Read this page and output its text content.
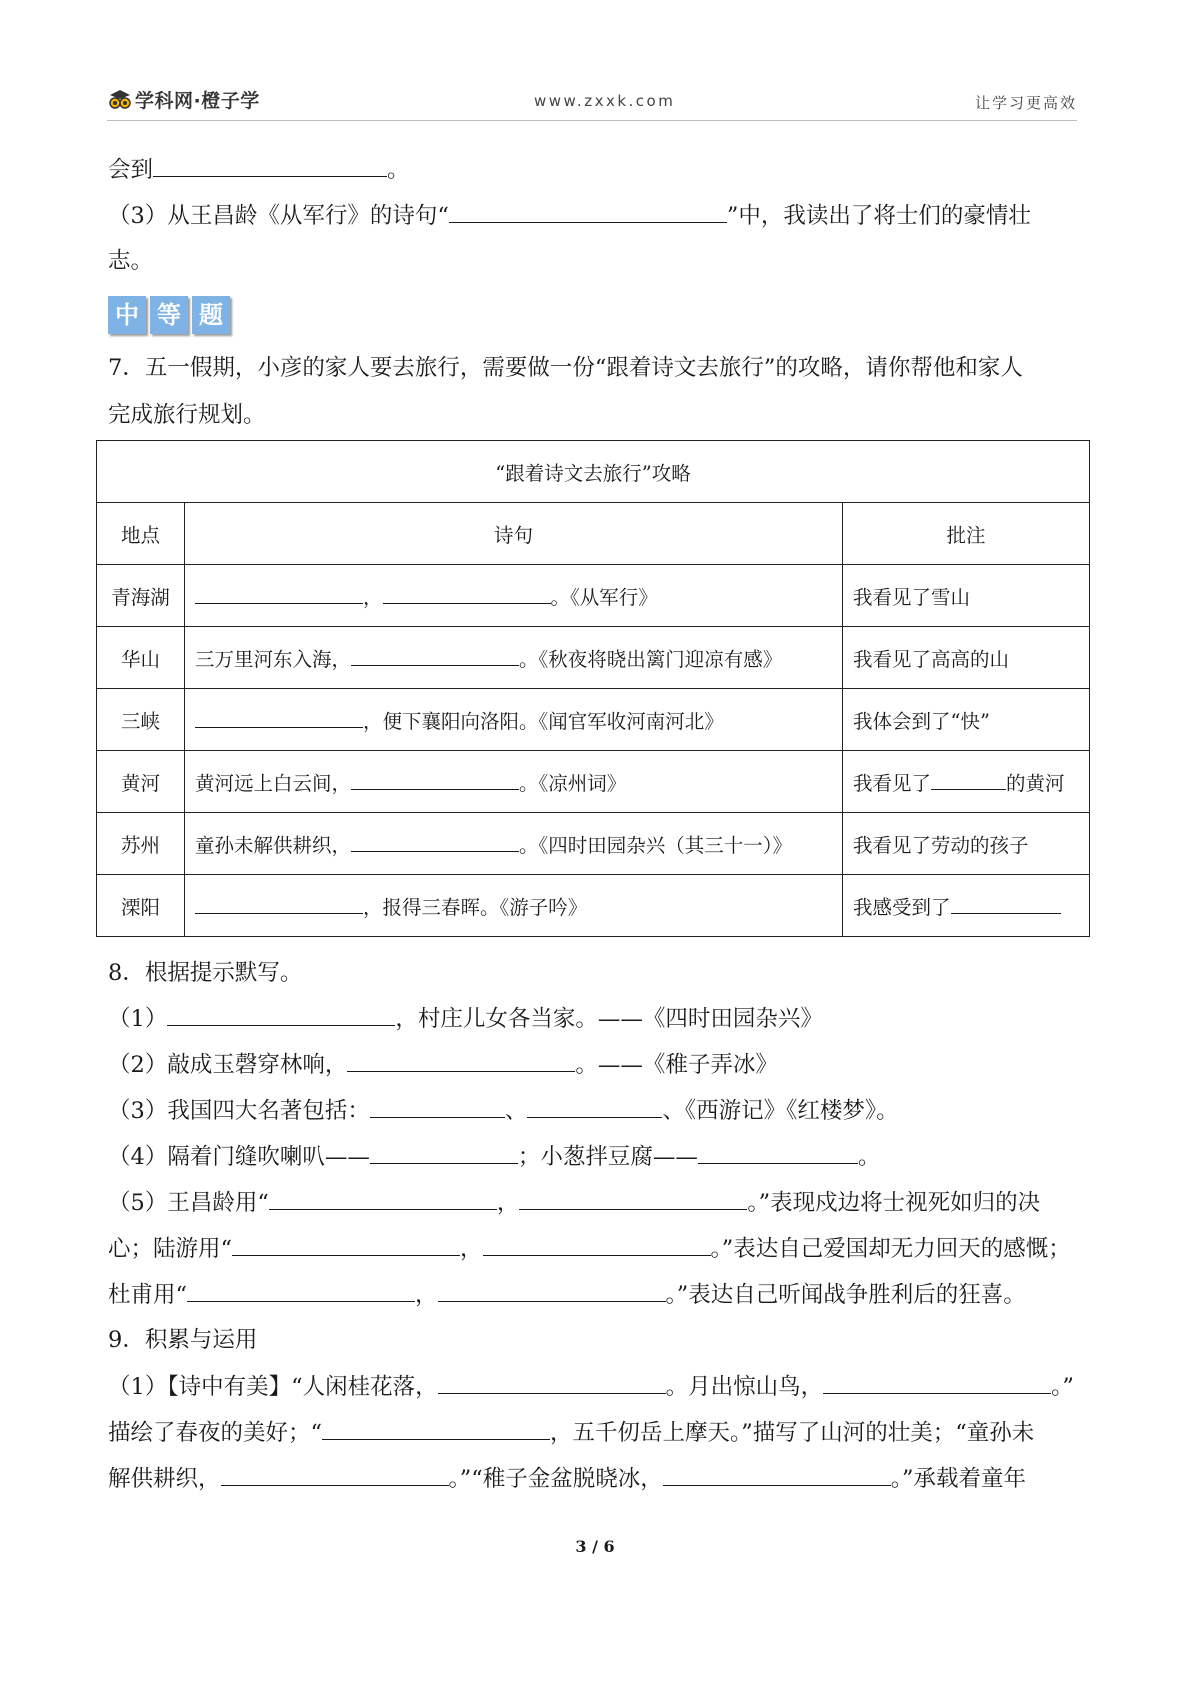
学科网·橙子学	www.zxxk.com	让学习更高效
会到	。
（3）从王昌龄《从军行》的诗句“	”中，我读出了将士们的豪情壮
志。
中 等 题
7．五一假期，小彦的家人要去旅行，需要做一份“跟着诗文去旅行”的攻略，请你帮他和家人
完成旅行规划。
“跟着诗文去旅行”攻略		
地点	诗句	批注
青海湖	， 。《从军行》	我看见了雪山
华山	三万里河东入海， 。《秋夜将晓出篱门迎凉有感》	我看见了高高的山
三峡	，便下襄阳向洛阳。《闻官军收河南河北》	我体会到了“快”
黄河	黄河远上白云间， 。《凉州词》	我看见了 的黄河
苏州	童孙未解供耕织， 。《四时田园杂兴（其三十一）》	我看见了劳动的孩子
溧阳	，报得三春晖。《游子吟》	我感受到了
8．根据提示默写。
（1）	，村庄儿女各当家。——《四时田园杂兴》
（2）敲成玉磬穿林响，	。——《稚子弄冰》
（3）我国四大名著包括：	、	、《西游记》《红楼梦》。
（4）隔着门缝吹喇叭——	；小葱拌豆腐——	。
（5）王昌龄用“	，	。”表现戍边将士视死如归的决
心；陆游用“	，	。”表达自己爱国却无力回天的感慨；
杜甫用“	，	。”表达自己听闻战争胜利后的狂喜。
9．积累与运用
（1）【诗中有美】“人闲桂花落，	。月出惊山鸟，	。”
描绘了春夜的美好；“	，五千仞岳上摩天。”描写了山河的壮美；“童孙未
解供耕织，	。”“稚子金盆脱晓冰，	。”承载着童年
3 / 6
